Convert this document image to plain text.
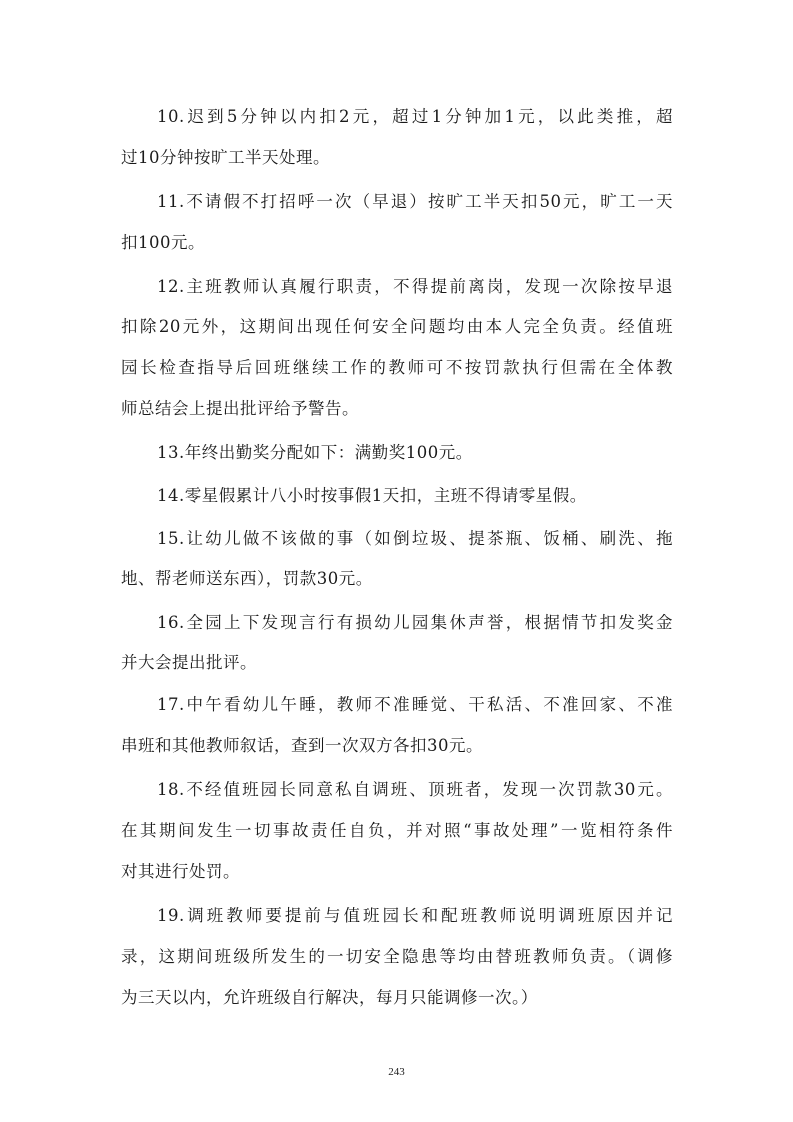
10.迟到5分钟以内扣2元，超过1分钟加1元，以此类推，超
过10分钟按旷工半天处理。
11.不请假不打招呼一次（早退）按旷工半天扣50元，旷工一天
扣100元。
12.主班教师认真履行职责，不得提前离岗，发现一次除按早退
扣除20元外，这期间出现任何安全问题均由本人完全负责。经值班
园长检查指导后回班继续工作的教师可不按罚款执行但需在全体教
师总结会上提出批评给予警告。
13.年终出勤奖分配如下：满勤奖100元。
14.零星假累计八小时按事假1天扣，主班不得请零星假。
15.让幼儿做不该做的事（如倒垃圾、提茶瓶、饭桶、刷洗、拖
地、帮老师送东西），罚款30元。
16.全园上下发现言行有损幼儿园集休声誉，根据情节扣发奖金
并大会提出批评。
17.中午看幼儿午睡，教师不准睡觉、干私活、不准回家、不准
串班和其他教师叙话，查到一次双方各扣30元。
18.不经值班园长同意私自调班、顶班者，发现一次罚款30元。
在其期间发生一切事故责任自负，并对照“事故处理”一览相符条件
对其进行处罚。
19.调班教师要提前与值班园长和配班教师说明调班原因并记
录，这期间班级所发生的一切安全隐患等均由替班教师负责。（调修
为三天以内，允许班级自行解决，每月只能调修一次。）
243
